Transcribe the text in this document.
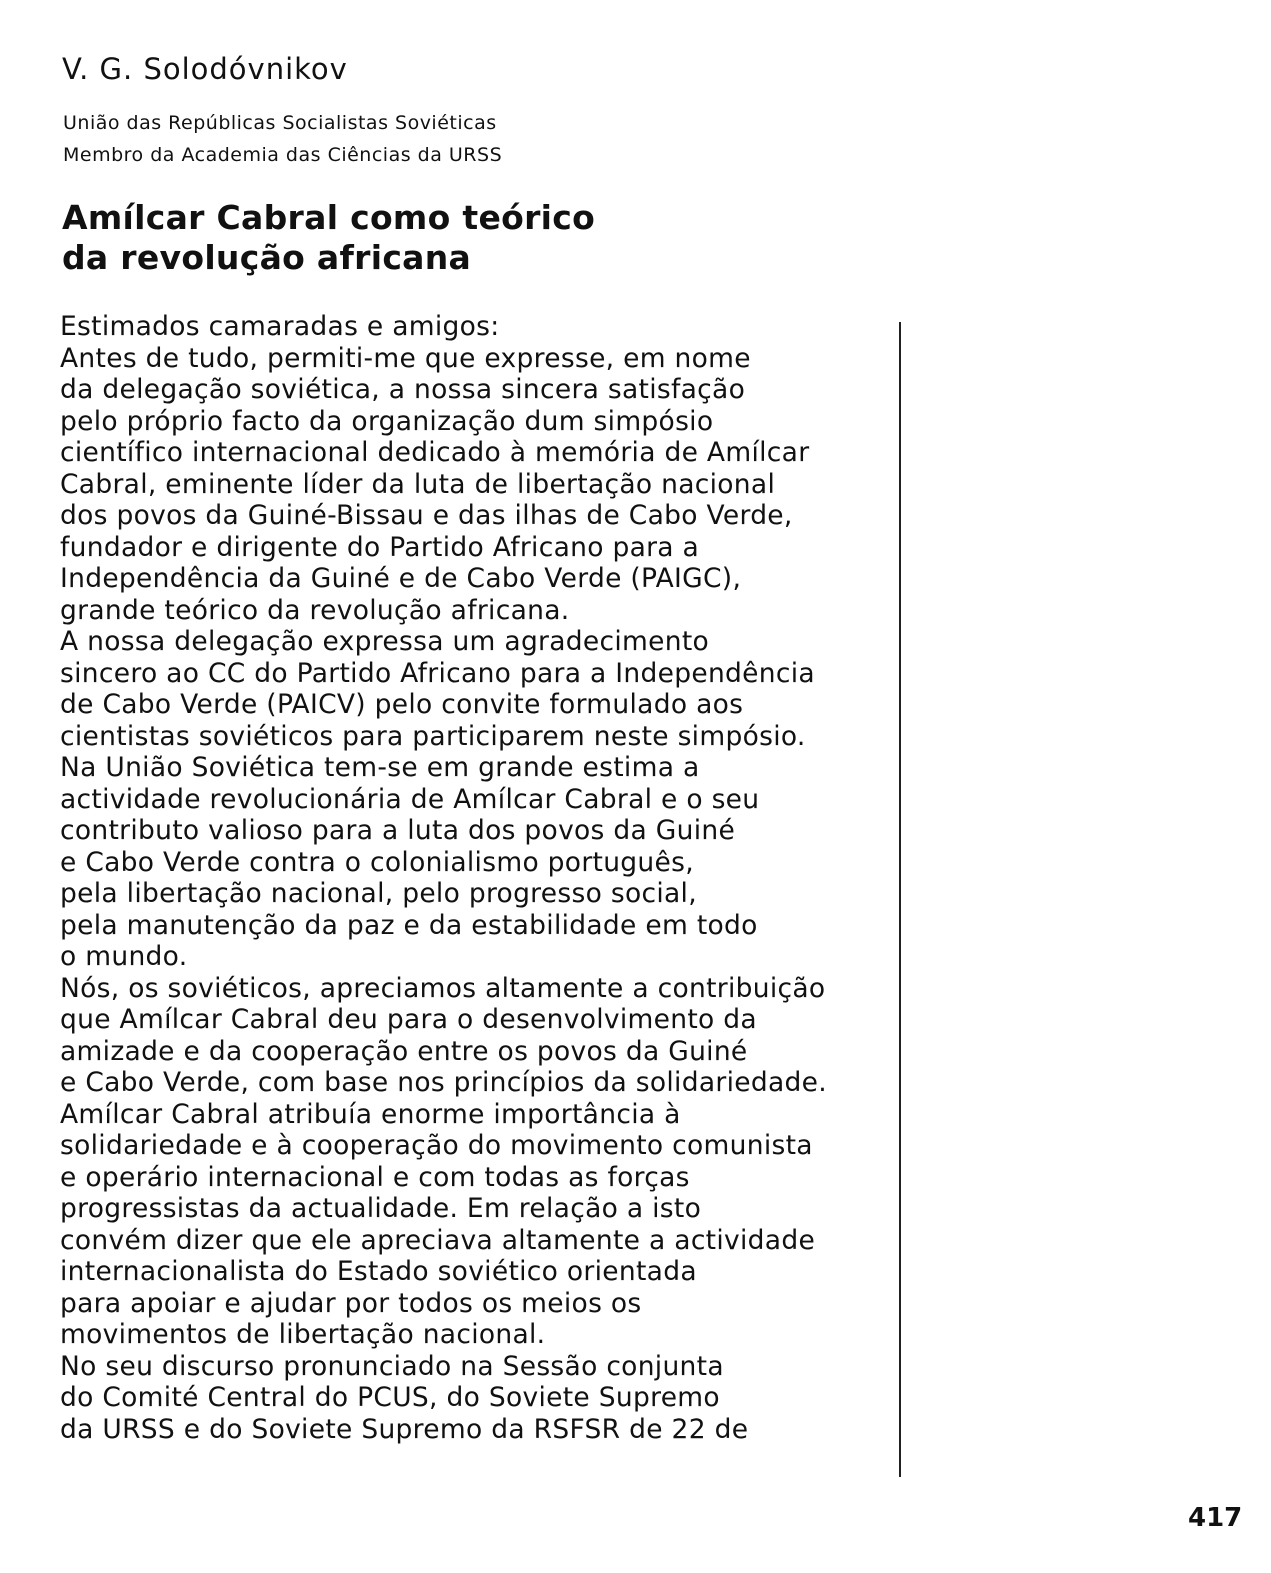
V. G. Solodóvnikov
União das Repúblicas Socialistas Soviéticas
Membro da Academia das Ciências da URSS
Amílcar Cabral como teórico
da revolução africana
Estimados camaradas e amigos:
Antes de tudo, permiti-me que expresse, em nome
da delegação soviética, a nossa sincera satisfação
pelo próprio facto da organização dum simpósio
científico internacional dedicado à memória de Amílcar
Cabral, eminente líder da luta de libertação nacional
dos povos da Guiné-Bissau e das ilhas de Cabo Verde,
fundador e dirigente do Partido Africano para a
Independência da Guiné e de Cabo Verde (PAIGC),
grande teórico da revolução africana.
A nossa delegação expressa um agradecimento
sincero ao CC do Partido Africano para a Independência
de Cabo Verde (PAICV) pelo convite formulado aos
cientistas soviéticos para participarem neste simpósio.
Na União Soviética tem-se em grande estima a
actividade revolucionária de Amílcar Cabral e o seu
contributo valioso para a luta dos povos da Guiné
e Cabo Verde contra o colonialismo português,
pela libertação nacional, pelo progresso social,
pela manutenção da paz e da estabilidade em todo
o mundo.
Nós, os soviéticos, apreciamos altamente a contribuição
que Amílcar Cabral deu para o desenvolvimento da
amizade e da cooperação entre os povos da Guiné
e Cabo Verde, com base nos princípios da solidariedade.
Amílcar Cabral atribuía enorme importância à
solidariedade e à cooperação do movimento comunista
e operário internacional e com todas as forças
progressistas da actualidade. Em relação a isto
convém dizer que ele apreciava altamente a actividade
internacionalista do Estado soviético orientada
para apoiar e ajudar por todos os meios os
movimentos de libertação nacional.
No seu discurso pronunciado na Sessão conjunta
do Comité Central do PCUS, do Soviete Supremo
da URSS e do Soviete Supremo da RSFSR de 22 de
417
